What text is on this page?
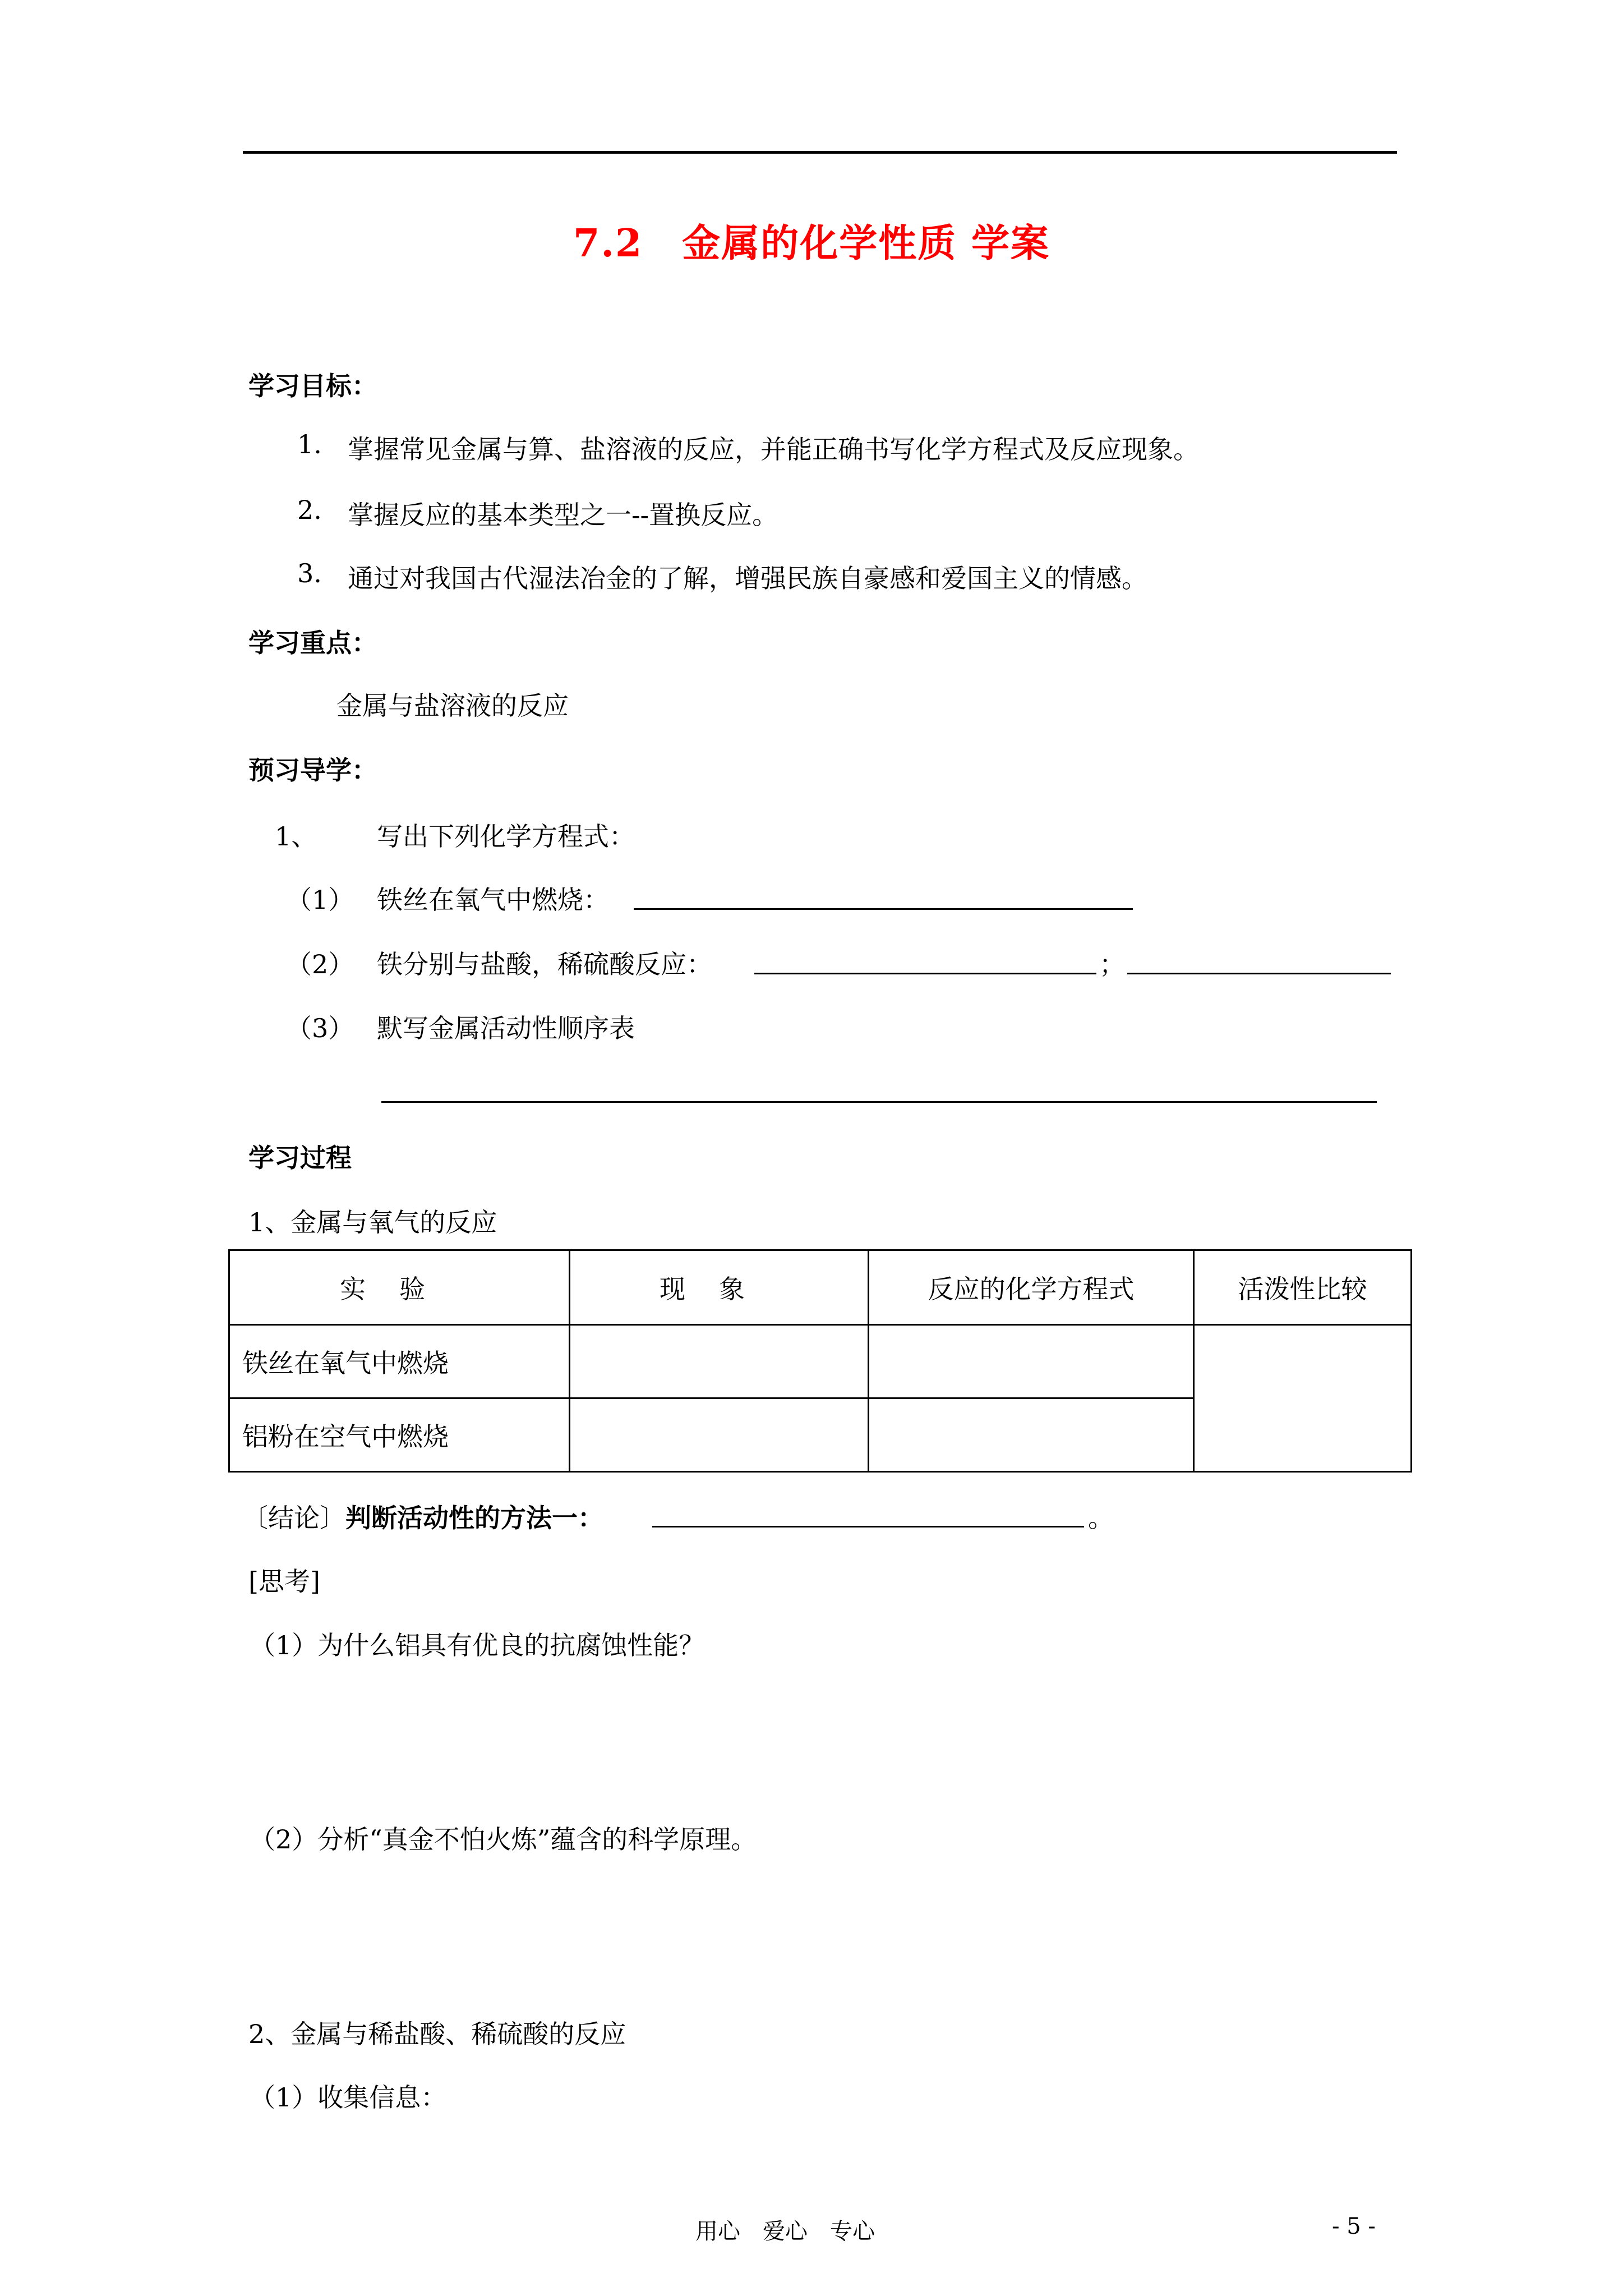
7.2　金属的化学性质 学案
学习目标：
1. 掌握常见金属与算、盐溶液的反应，并能正确书写化学方程式及反应现象。
2. 掌握反应的基本类型之一--置换反应。
3. 通过对我国古代湿法冶金的了解，增强民族自豪感和爱国主义的情感。
学习重点：
金属与盐溶液的反应
预习导学：
1、 写出下列化学方程式：
（1） 铁丝在氧气中燃烧：
（2） 铁分别与盐酸，稀硫酸反应：	；
（3） 默写金属活动性顺序表
学习过程
1、金属与氧气的反应
实验	现象	反应的化学方程式	活泼性比较
铁丝在氧气中燃烧			
铝粉在空气中燃烧			
〔结论〕判断活动性的方法一：	。
[思考]
（1）为什么铝具有优良的抗腐蚀性能？
（2）分析“真金不怕火炼”蕴含的科学原理。
2、金属与稀盐酸、稀硫酸的反应
（1）收集信息：
用心　爱心　专心	- 5 -
